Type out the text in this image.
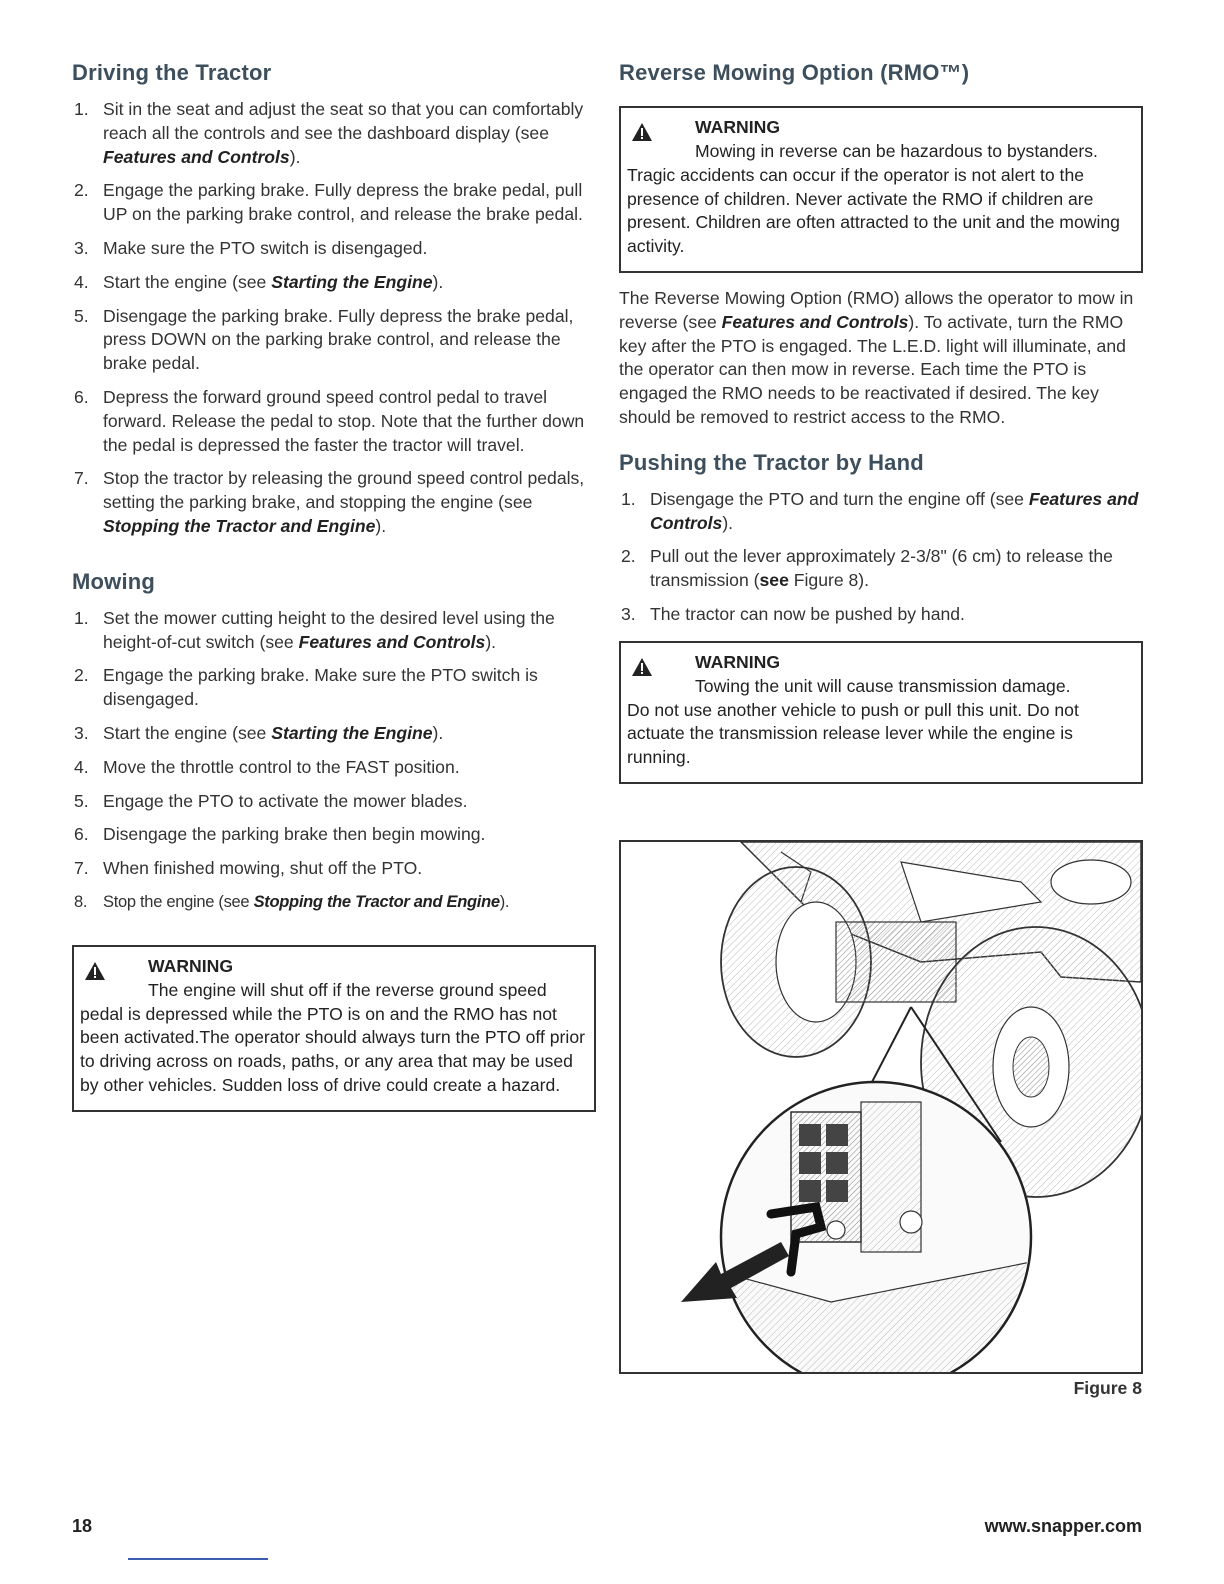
Driving the Tractor
1. Sit in the seat and adjust the seat so that you can comfortably reach all the controls and see the dashboard display (see Features and Controls).
2. Engage the parking brake. Fully depress the brake pedal, pull UP on the parking brake control, and release the brake pedal.
3. Make sure the PTO switch is disengaged.
4. Start the engine (see Starting the Engine).
5. Disengage the parking brake. Fully depress the brake pedal, press DOWN on the parking brake control, and release the brake pedal.
6. Depress the forward ground speed control pedal to travel forward. Release the pedal to stop. Note that the further down the pedal is depressed the faster the tractor will travel.
7. Stop the tractor by releasing the ground speed control pedals, setting the parking brake, and stopping the engine (see Stopping the Tractor and Engine).
Mowing
1. Set the mower cutting height to the desired level using the height-of-cut switch (see Features and Controls).
2. Engage the parking brake. Make sure the PTO switch is disengaged.
3. Start the engine (see Starting the Engine).
4. Move the throttle control to the FAST position.
5. Engage the PTO to activate the mower blades.
6. Disengage the parking brake then begin mowing.
7. When finished mowing, shut off the PTO.
8. Stop the engine (see Stopping the Tractor and Engine).
WARNING

The engine will shut off if the reverse ground speed
pedal is depressed while the PTO is on and the RMO has not been activated.The operator should always turn the PTO off prior to driving across on roads, paths, or any area that may be used by other vehicles. Sudden loss of drive could create a hazard.

Reverse Mowing Option (RMO™)
WARNING

Mowing in reverse can be hazardous to bystanders.
Tragic accidents can occur if the operator is not alert to the presence of children. Never activate the RMO if children are present. Children are often attracted to the unit and the mowing activity.

The Reverse Mowing Option (RMO) allows the operator to mow in reverse (see Features and Controls). To activate, turn the RMO key after the PTO is engaged. The L.E.D. light will illuminate, and the operator can then mow in reverse. Each time the PTO is engaged the RMO needs to be reactivated if desired. The key should be removed to restrict access to the RMO.

Pushing the Tractor by Hand
1. Disengage the PTO and turn the engine off (see Features and Controls).
2. Pull out the lever approximately 2-3/8" (6 cm) to release the transmission (see Figure 8).
3. The tractor can now be pushed by hand.
WARNING

Towing the unit will cause transmission damage.
Do not use another vehicle to push or pull this unit. Do not actuate the transmission release lever while the engine is running.

Figure 8
18	www.snapper.com
